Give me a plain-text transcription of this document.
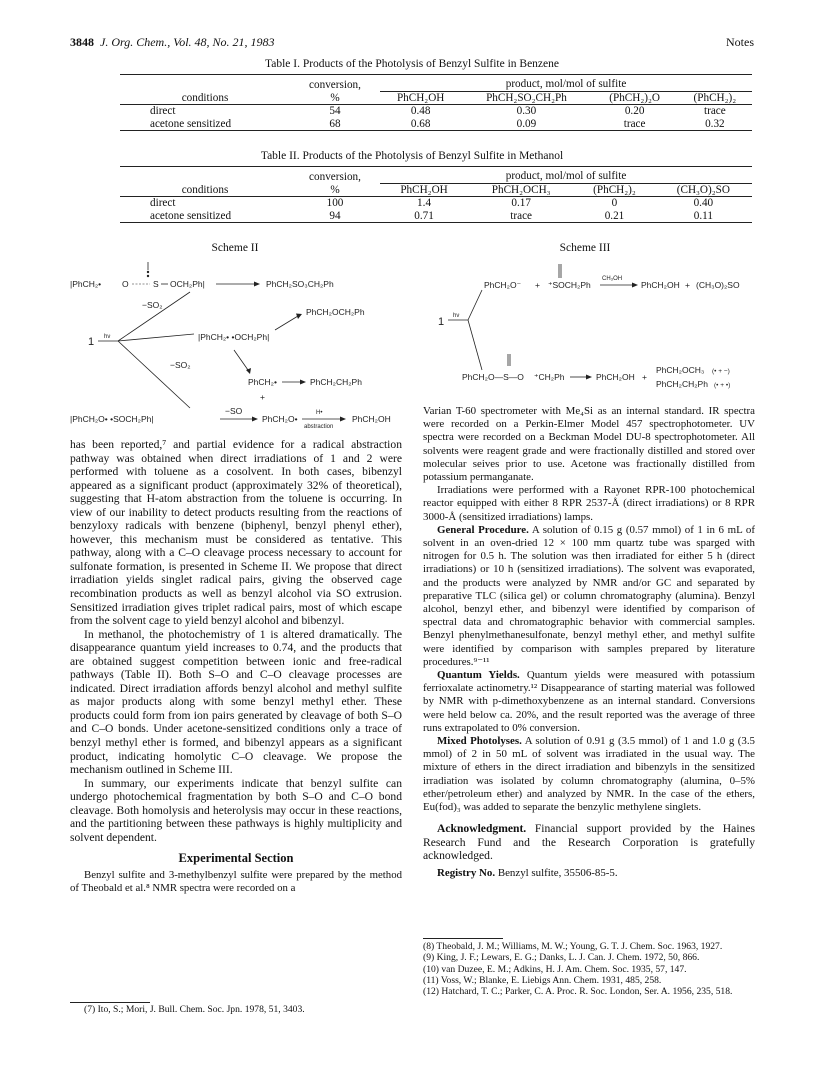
3848 J. Org. Chem., Vol. 48, No. 21, 1983	Notes
Table I. Products of the Photolysis of Benzyl Sulfite in Benzene
	conversion,	product, mol/mol of sulfite			
conditions	%	PhCH₂OH	PhCH₂SO₂CH₂Ph	(PhCH₂)₂O	(PhCH₂)₂
direct	54	0.48	0.30	0.20	trace
acetone sensitized	68	0.68	0.09	trace	0.32
Table II. Products of the Photolysis of Benzyl Sulfite in Methanol
	conversion,	product, mol/mol of sulfite			
conditions	%	PhCH₂OH	PhCH₂OCH₃	(PhCH₂)₂	(CH₃O)₂SO
direct	100	1.4	0.17	0	0.40
acetone sensitized	94	0.71	trace	0.21	0.11
Scheme II	Scheme III
|PhCH₂• O	S OCH₂Ph|	PhCH₂SO₃CH₂Ph
−SO₂
|PhCH₂• •OCH₂Ph|
PhCH₂OCH₂Ph
1 hν
−SO₂
PhCH₂•	PhCH₂CH₂Ph
+
|PhCH₂O• •SOCH₂Ph|
−SO
PhCH₂O•
H•
abstraction
PhCH₂OH
PhCH₂O⁻ + ⁺SOCH₂Ph
CH₃OH
PhCH₂OH + (CH₃O)₂SO
1 hν
PhCH₂O—S—O ⁺CH₂Ph	PhCH₂OH +
PhCH₂OCH₃ (• + −)
PhCH₂CH₂Ph (• + •)

has been reported,⁷ and partial evidence for a radical abstraction pathway was obtained when direct irradiations of 1 and 2 were performed with toluene as a cosolvent. In both cases, bibenzyl appeared as a significant product (approximately 32% of theoretical), suggesting that H-atom abstraction from the toluene is occurring. In view of our inability to detect products resulting from the reactions of benzyloxy radicals with benzene (biphenyl, benzyl phenyl ether), however, this mechanism must be considered as tentative. This pathway, along with a C–O cleavage process necessary to account for sulfonate formation, is presented in Scheme II. We propose that direct irradiation yields singlet radical pairs, giving the observed cage recombination products as well as benzyl alcohol via SO extrusion. Sensitized irradiation gives triplet radical pairs, most of which escape from the solvent cage to yield benzyl alcohol and bibenzyl.

In methanol, the photochemistry of 1 is altered dramatically. The disappearance quantum yield increases to 0.74, and the products that are obtained suggest competition between ionic and free-radical pathways (Table II). Both S–O and C–O cleavage processes are indicated. Direct irradiation affords benzyl alcohol and methyl sulfite as major products along with some benzyl methyl ether. These products could form from ion pairs generated by cleavage of both S–O and C–O bonds. Under acetone-sensitized conditions only a trace of benzyl methyl ether is formed, and bibenzyl appears as a significant product, indicating homolytic C–O cleavage. We propose the mechanism outlined in Scheme III.

In summary, our experiments indicate that benzyl sulfite can undergo photochemical fragmentation by both S–O and C–O bond cleavage. Both homolysis and heterolysis may occur in these reactions, and the partitioning between these pathways is highly multiplicity and solvent dependent.

Experimental Section

Benzyl sulfite and 3-methylbenzyl sulfite were prepared by the method of Theobald et al.⁸ NMR spectra were recorded on a

(7) Ito, S.; Mori, J. Bull. Chem. Soc. Jpn. 1978, 51, 3403.

Varian T-60 spectrometer with Me₄Si as an internal standard. IR spectra were recorded on a Perkin-Elmer Model 457 spectrophotometer. UV spectra were recorded on a Beckman Model DU-8 spectrophotometer. All solvents were reagent grade and were fractionally distilled and stored over molecular seives prior to use. Acetone was fractionally distilled from potassium permanganate.

Irradiations were performed with a Rayonet RPR-100 photochemical reactor equipped with either 8 RPR 2537-Å (direct irradiations) or 8 RPR 3000-Å (sensitized irradiations) lamps.

General Procedure. A solution of 0.15 g (0.57 mmol) of 1 in 6 mL of solvent in an oven-dried 12 × 100 mm quartz tube was sparged with nitrogen for 0.5 h. The solution was then irradiated for either 5 h (direct irradiations) or 10 h (sensitized irradiations). The solvent was evaporated, and the products were analyzed by NMR and/or GC and separated by preparative TLC (silica gel) or column chromatography (alumina). Benzyl alcohol, benzyl ether, and bibenzyl were identified by comparison of spectral data and chromatographic behavior with commercial samples. Benzyl phenylmethanesulfonate, benzyl methyl ether, and methyl sulfite were identified by comparison with samples prepared by literature procedures.⁹⁻¹¹

Quantum Yields. Quantum yields were measured with potassium ferrioxalate actinometry.¹² Disappearance of starting material was followed by NMR with p-dimethoxybenzene as an internal standard. Conversions were held below ca. 20%, and the result reported was the average of three runs extrapolated to 0% conversion.

Mixed Photolyses. A solution of 0.91 g (3.5 mmol) of 1 and 1.0 g (3.5 mmol) of 2 in 50 mL of solvent was irradiated in the usual way. The mixture of ethers in the direct irradiation and bibenzyls in the sensitized irradiation was isolated by column chromatography (alumina, 0–5% ether/petroleum ether) and analyzed by NMR. In the case of the ethers, Eu(fod)₃ was added to separate the benzylic methylene singlets.

Acknowledgment. Financial support provided by the Haines Research Fund and the Research Corporation is gratefully acknowledged.

Registry No. Benzyl sulfite, 35506-85-5.

(8) Theobald, J. M.; Williams, M. W.; Young, G. T. J. Chem. Soc. 1963, 1927.
(9) King, J. F.; Lewars, E. G.; Danks, L. J. Can. J. Chem. 1972, 50, 866.
(10) van Duzee, E. M.; Adkins, H. J. Am. Chem. Soc. 1935, 57, 147.
(11) Voss, W.; Blanke, E. Liebigs Ann. Chem. 1931, 485, 258.
(12) Hatchard, T. C.; Parker, C. A. Proc. R. Soc. London, Ser. A. 1956, 235, 518.
